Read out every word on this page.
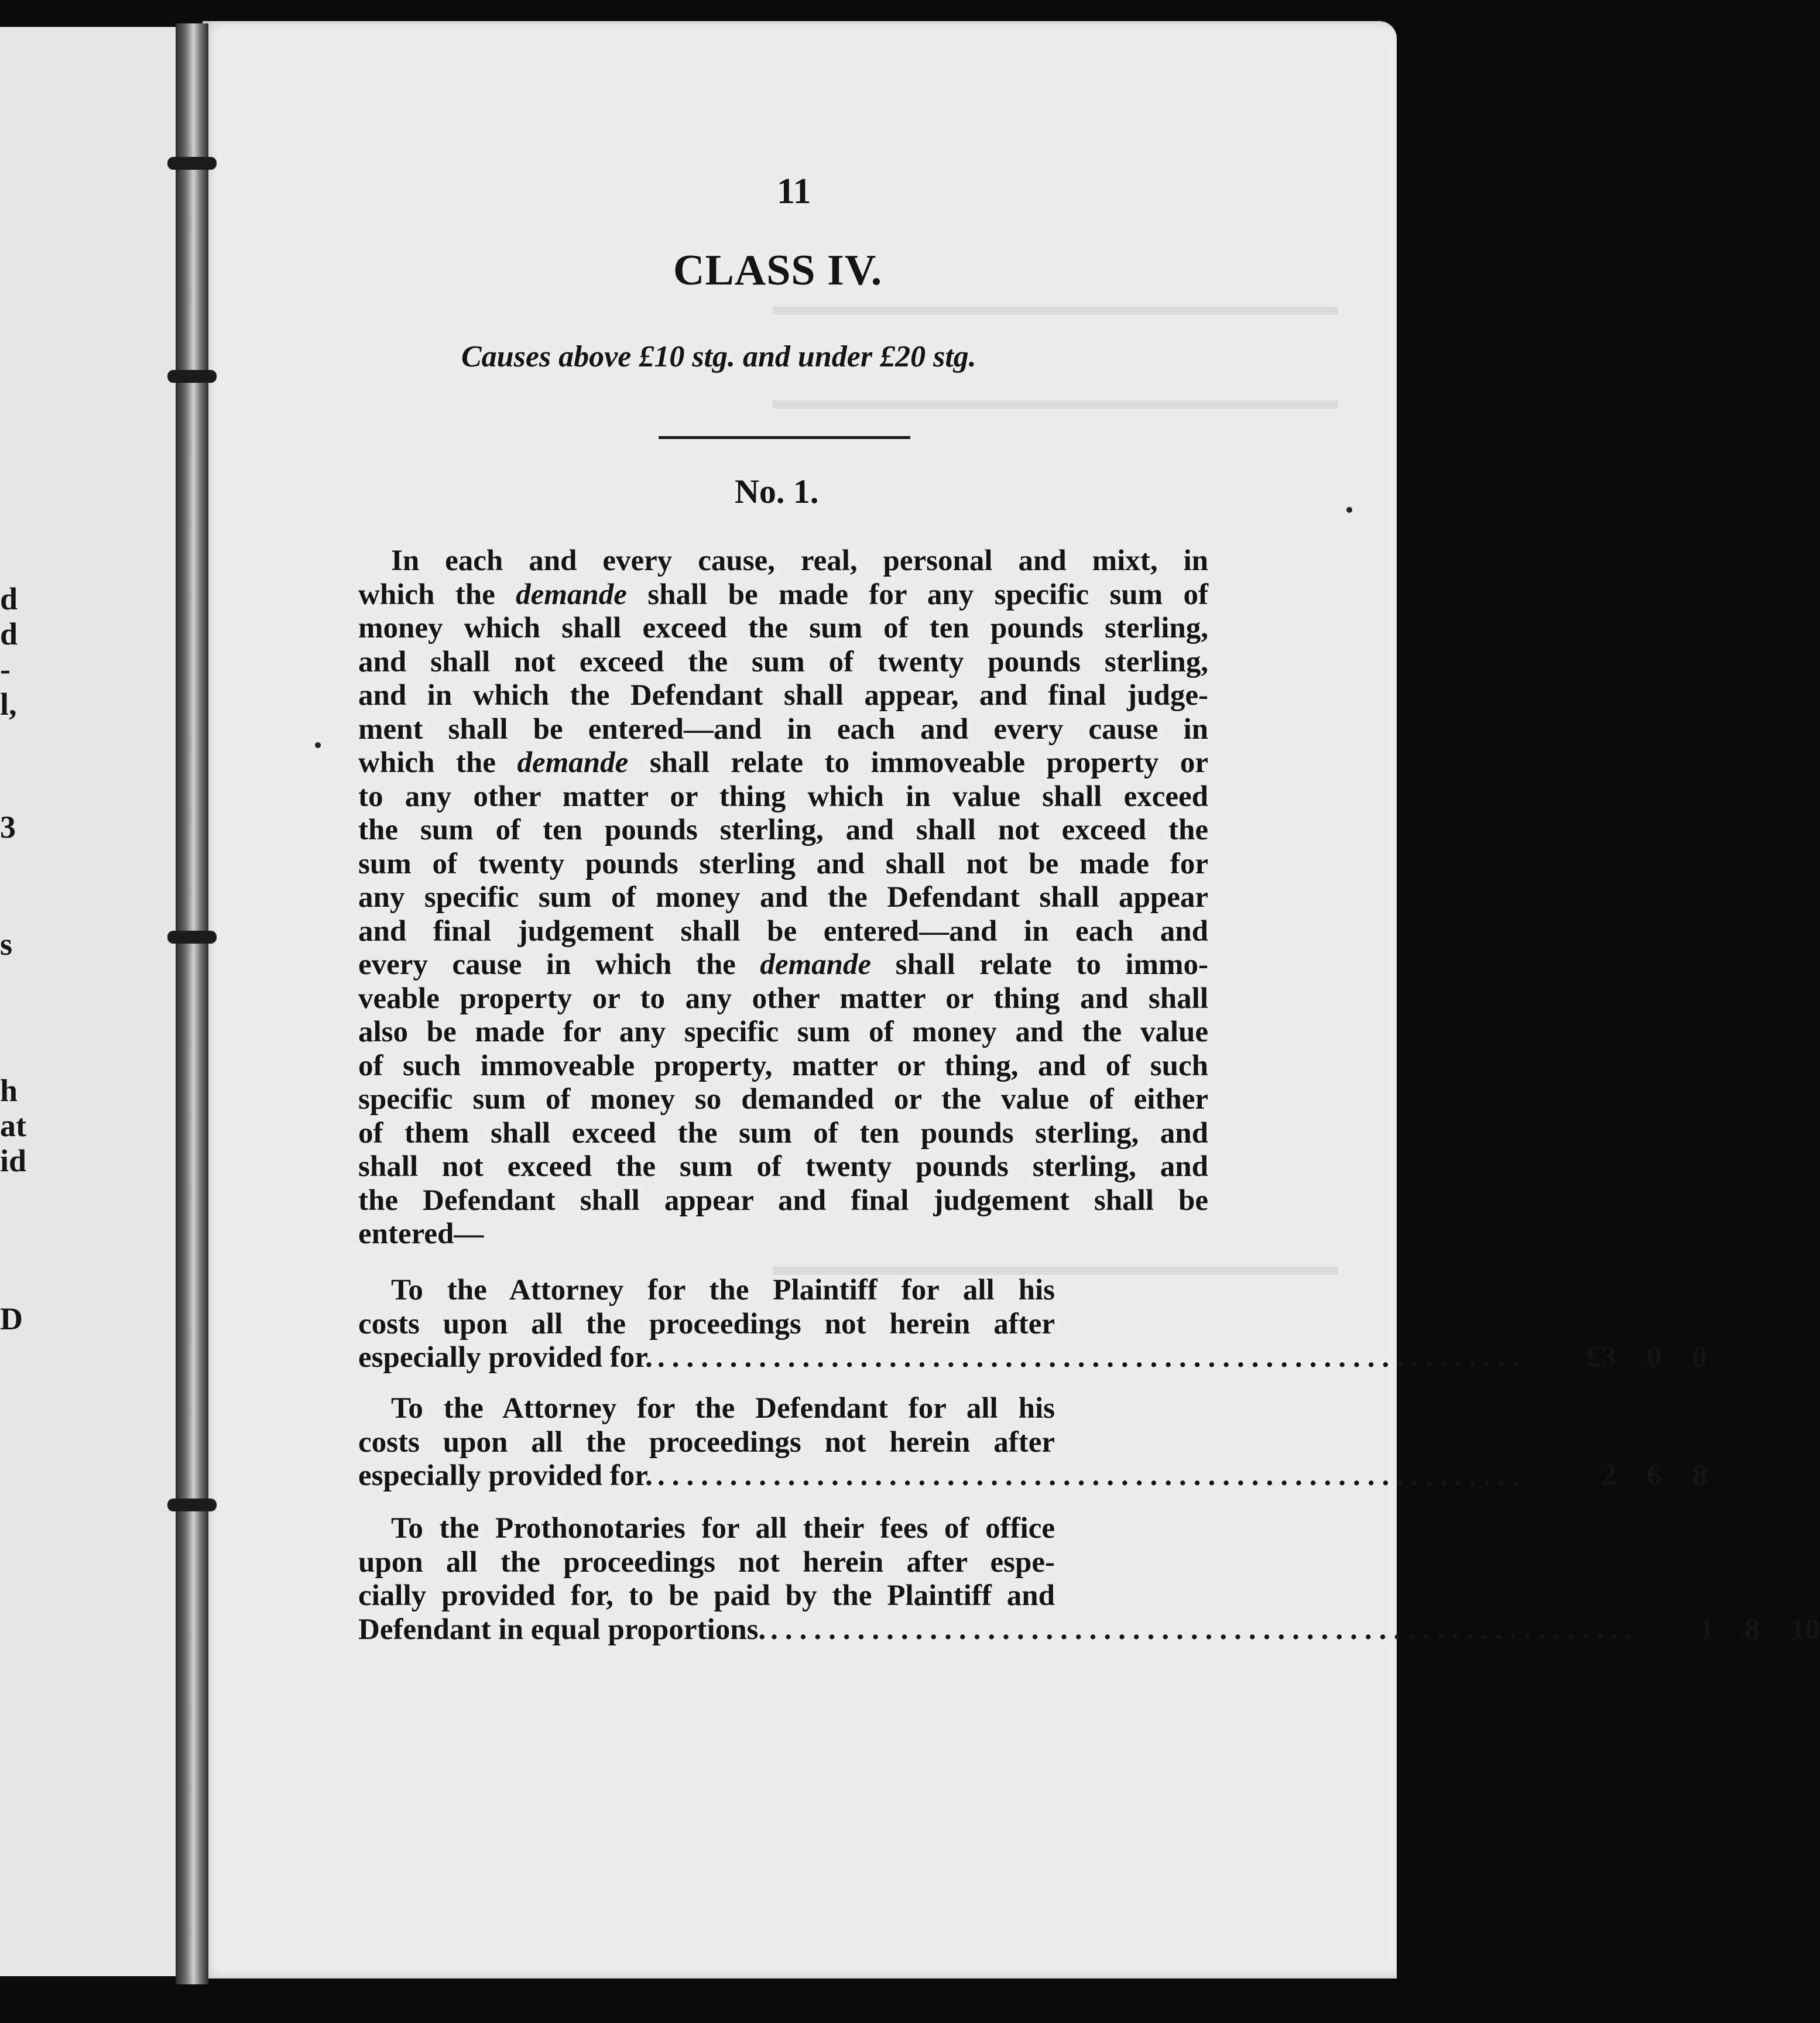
d
d
-
l,
3
s
h
at
id
D
▬▬▬▬▬▬▬▬▬▬▬▬▬▬▬▬▬▬▬▬▬
▬▬▬▬▬▬▬▬▬▬▬▬▬▬▬▬▬▬▬▬▬
▬▬▬▬▬▬▬▬▬▬▬▬▬▬▬▬▬▬▬▬▬
11
CLASS IV.
Causes above £10 stg. and under £20 stg.
No. 1.
In each and every cause, real, personal and mixt, in
which the demande shall be made for any specific sum of
money which shall exceed the sum of ten pounds sterling,
and shall not exceed the sum of twenty pounds sterling,
and in which the Defendant shall appear, and final judge-
ment shall be entered—and in each and every cause in
which the demande shall relate to immoveable property or
to any other matter or thing which in value shall exceed
the sum of ten pounds sterling, and shall not exceed the
sum of twenty pounds sterling and shall not be made for
any specific sum of money and the Defendant shall appear
and final judgement shall be entered—and in each and
every cause in which the demande shall relate to immo-
veable property or to any other matter or thing and shall
also be made for any specific sum of money and the value
of such immoveable property, matter or thing, and of such
specific sum of money so demanded or the value of either
of them shall exceed the sum of ten pounds sterling, and
shall not exceed the sum of twenty pounds sterling, and
the Defendant shall appear and final judgement shall be
entered—
To the Attorney for the Plaintiff for all his
costs upon all the proceedings not herein after
especially provided for. ............................................................ £3 0 0
To the Attorney for the Defendant for all his
costs upon all the proceedings not herein after
especially provided for. ............................................................	2 6 8
To the Prothonotaries for all their fees of office
upon all the proceedings not herein after espe-
cially provided for, to be paid by the Plaintiff and
Defendant in equal proportions. ............................................................ 1 8 10
